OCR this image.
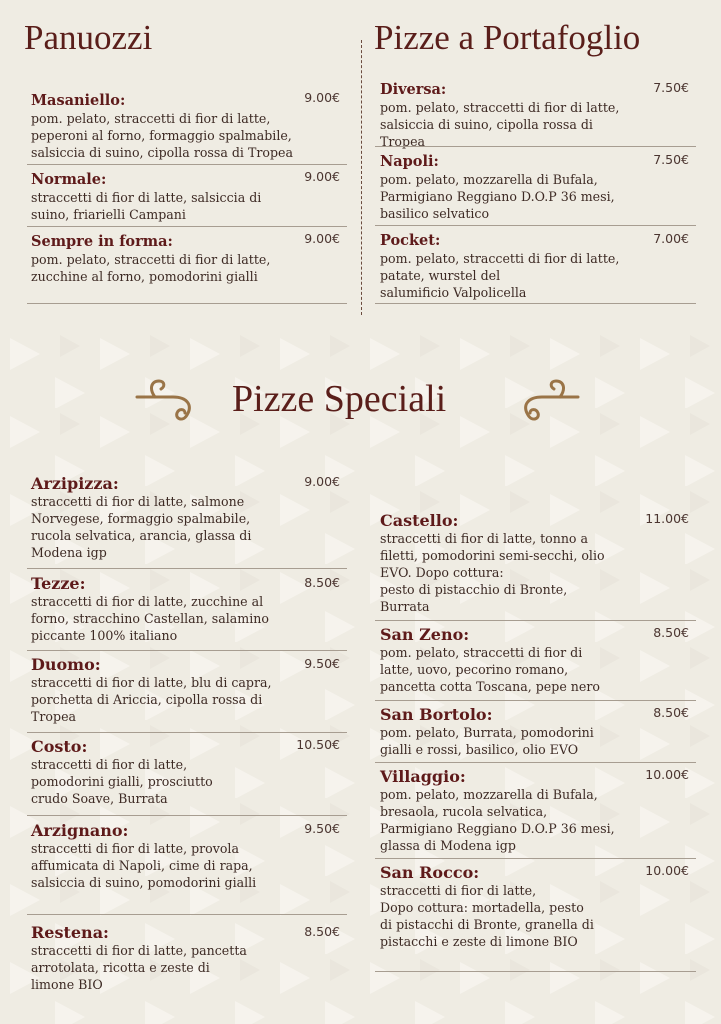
Panuozzi	Pizze a Portafoglio
Masaniello:
pom. pelato, straccetti di fior di latte,
peperoni al forno, formaggio spalmabile,
salsiccia di suino, cipolla rossa di Tropea
9.00€
Normale:
straccetti di fior di latte, salsiccia di
suino, friarielli Campani
9.00€
Sempre in forma:
pom. pelato, straccetti di fior di latte,
zucchine al forno, pomodorini gialli
9.00€
Diversa:
pom. pelato, straccetti di fior di latte,
salsiccia di suino, cipolla rossa di Tropea
7.50€
Napoli:
pom. pelato, mozzarella di Bufala,
Parmigiano Reggiano D.O.P 36 mesi,
basilico selvatico
7.50€
Pocket:
pom. pelato, straccetti di fior di latte,
patate, wurstel del
salumificio Valpolicella
7.00€
Pizze Speciali
Arzipizza:
straccetti di fior di latte, salmone
Norvegese, formaggio spalmabile,
rucola selvatica, arancia, glassa di
Modena igp
9.00€
Tezze:
straccetti di fior di latte, zucchine al
forno, stracchino Castellan, salamino
piccante 100% italiano
8.50€
Duomo:
straccetti di fior di latte, blu di capra,
porchetta di Ariccia, cipolla rossa di
Tropea
9.50€
Costo:
straccetti di fior di latte,
pomodorini gialli, prosciutto
crudo Soave, Burrata
10.50€
Arzignano:
straccetti di fior di latte, provola
affumicata di Napoli, cime di rapa,
salsiccia di suino, pomodorini gialli
9.50€
Restena:
straccetti di fior di latte, pancetta
arrotolata, ricotta e zeste di
limone BIO
8.50€
Castello:
straccetti di fior di latte, tonno a
filetti, pomodorini semi-secchi, olio
EVO. Dopo cottura:
pesto di pistacchio di Bronte,
Burrata
11.00€
San Zeno:
pom. pelato, straccetti di fior di
latte, uovo, pecorino romano,
pancetta cotta Toscana, pepe nero
8.50€
San Bortolo:
pom. pelato, Burrata, pomodorini
gialli e rossi, basilico, olio EVO
8.50€
Villaggio:
pom. pelato, mozzarella di Bufala,
bresaola, rucola selvatica,
Parmigiano Reggiano D.O.P 36 mesi,
glassa di Modena igp
10.00€
San Rocco:
straccetti di fior di latte,
Dopo cottura: mortadella, pesto
di pistacchi di Bronte, granella di
pistacchi e zeste di limone BIO
10.00€
